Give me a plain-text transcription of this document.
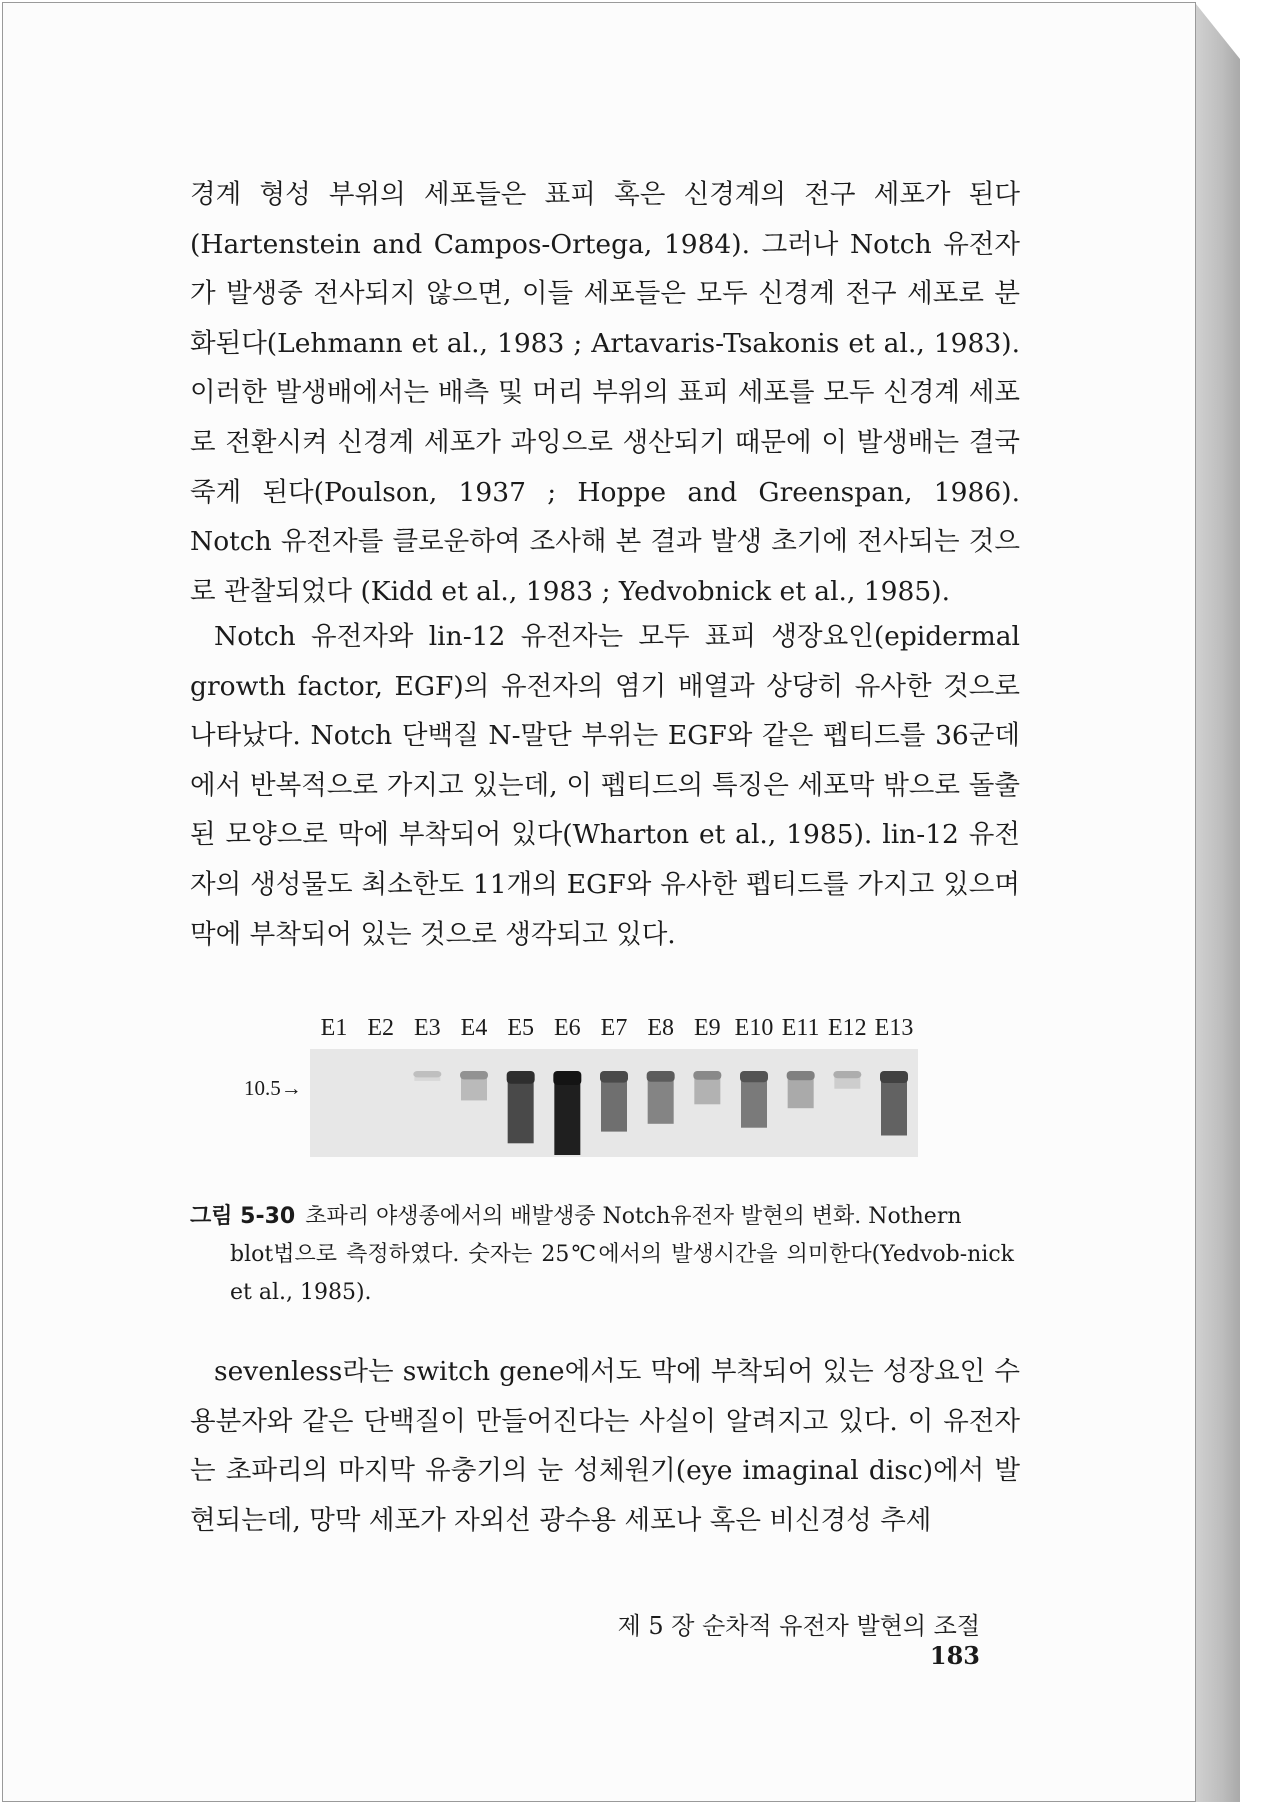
경계 형성 부위의 세포들은 표피 혹은 신경계의 전구 세포가 된다 (Hartenstein and Campos-Ortega, 1984). 그러나 Notch 유전자가 발생중 전사되지 않으면, 이들 세포들은 모두 신경계 전구 세포로 분화된다(Lehmann et al., 1983 ; Artavaris-Tsakonis et al., 1983). 이러한 발생배에서는 배측 및 머리 부위의 표피 세포를 모두 신경계 세포로 전환시켜 신경계 세포가 과잉으로 생산되기 때문에 이 발생배는 결국 죽게 된다(Poulson, 1937 ; Hoppe and Greenspan, 1986). Notch 유전자를 클로운하여 조사해 본 결과 발생 초기에 전사되는 것으로 관찰되었다 (Kidd et al., 1983 ; Yedvobnick et al., 1985).

Notch 유전자와 lin-12 유전자는 모두 표피 생장요인(epidermal growth factor, EGF)의 유전자의 염기 배열과 상당히 유사한 것으로 나타났다. Notch 단백질 N-말단 부위는 EGF와 같은 펩티드를 36군데에서 반복적으로 가지고 있는데, 이 펩티드의 특징은 세포막 밖으로 돌출된 모양으로 막에 부착되어 있다(Wharton et al., 1985). lin-12 유전자의 생성물도 최소한도 11개의 EGF와 유사한 펩티드를 가지고 있으며 막에 부착되어 있는 것으로 생각되고 있다.

E1 E2 E3 E4 E5 E6 E7 E8 E9 E10 E11 E12 E13
10.5→
그림 5-30 초파리 야생종에서의 배발생중 Notch유전자 발현의 변화. Nothern
blot법으로 측정하였다. 숫자는 25℃에서의 발생시간을 의미한다(Yedvob-nick et al., 1985).

sevenless라는 switch gene에서도 막에 부착되어 있는 성장요인 수용분자와 같은 단백질이 만들어진다는 사실이 알려지고 있다. 이 유전자는 초파리의 마지막 유충기의 눈 성체원기(eye imaginal disc)에서 발현되는데, 망막 세포가 자외선 광수용 세포나 혹은 비신경성 추세

제 5 장 순차적 유전자 발현의 조절183
